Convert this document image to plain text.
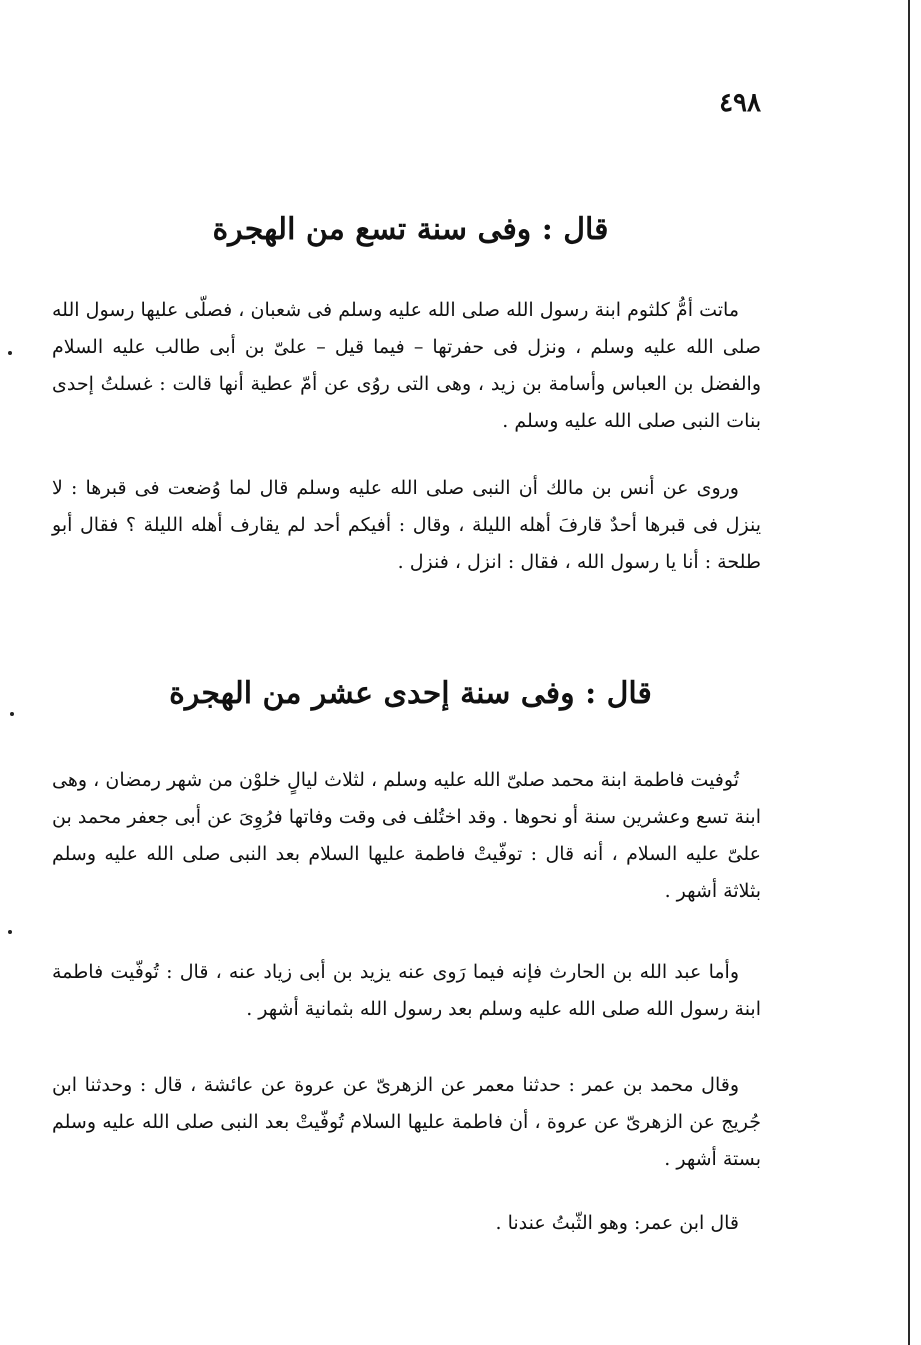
٤٩٨
قال : وفى سنة تسع من الهجرة

ماتت أمُّ كلثوم ابنة رسول الله صلى الله عليه وسلم فى شعبان ، فصلّى عليها رسول الله صلى الله عليه وسلم ، ونزل فى حفرتها – فيما قيل – علىّ بن أبى طالب عليه السلام والفضل بن العباس وأسامة بن زيد ، وهى التى روُى عن أمّ عطية أنها قالت : غسلتُ إحدى بنات النبى صلى الله عليه وسلم .

وروى عن أنس بن مالك أن النبى صلى الله عليه وسلم قال لما وُضعت فى قبرها : لا ينزل فى قبرها أحدٌ قارفَ أهله الليلة ، وقال : أفيكم أحد لم يقارف أهله الليلة ؟ فقال أبو طلحة : أنا يا رسول الله ، فقال : انزل ، فنزل .

قال : وفى سنة إحدى عشر من الهجرة

تُوفيت فاطمة ابنة محمد صلىّ الله عليه وسلم ، لثلاث ليالٍ خلوْن من شهر رمضان ، وهى ابنة تسع وعشرين سنة أو نحوها . وقد اختُلف فى وقت وفاتها فرُوِىَ عن أبى جعفر محمد بن علىّ عليه السلام ، أنه قال : توفّيتْ فاطمة عليها السلام بعد النبى صلى الله عليه وسلم بثلاثة أشهر .

وأما عبد الله بن الحارث فإنه فيما رَوى عنه يزيد بن أبى زياد عنه ، قال : تُوفّيت فاطمة ابنة رسول الله صلى الله عليه وسلم بعد رسول الله بثمانية أشهر .

وقال محمد بن عمر : حدثنا معمر عن الزهرىّ عن عروة عن عائشة ، قال : وحدثنا ابن جُريج عن الزهرىّ عن عروة ، أن فاطمة عليها السلام تُوفّيتْ بعد النبى صلى الله عليه وسلم بستة أشهر .

قال ابن عمر: وهو الثّبتُ عندنا .
